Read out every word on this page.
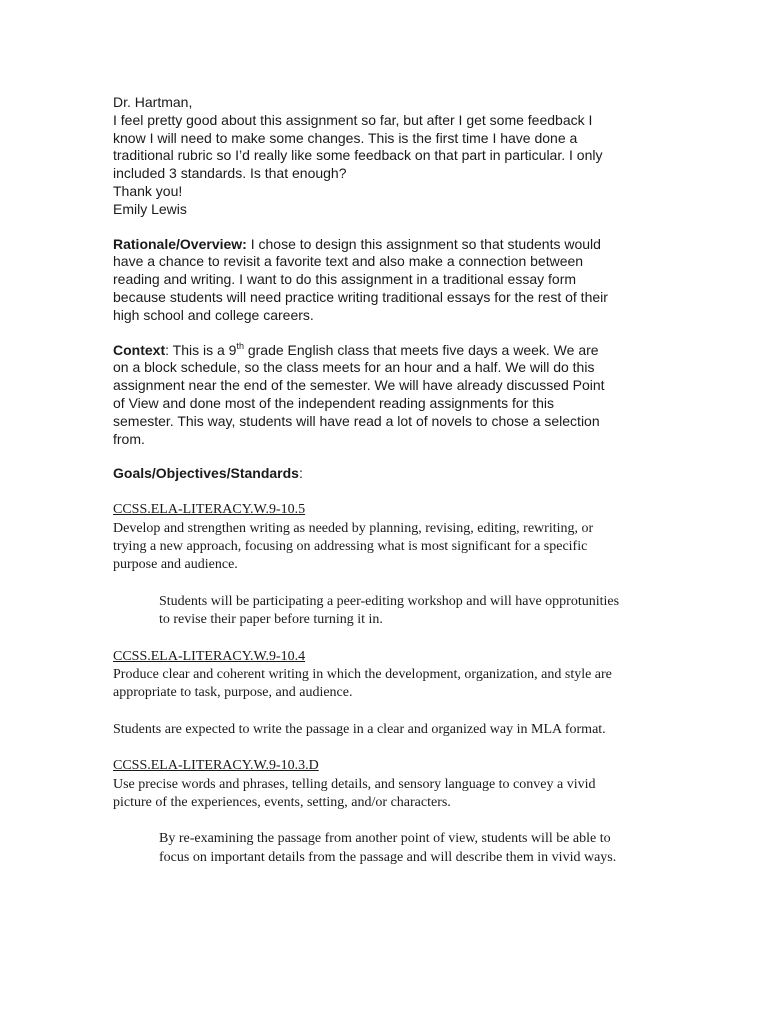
Dr. Hartman,
I feel pretty good about this assignment so far, but after I get some feedback I
know I will need to make some changes. This is the first time I have done a
traditional rubric so I’d really like some feedback on that part in particular. I only
included 3 standards. Is that enough?
Thank you!
Emily Lewis
Rationale/Overview: I chose to design this assignment so that students would
have a chance to revisit a favorite text and also make a connection between
reading and writing. I want to do this assignment in a traditional essay form
because students will need practice writing traditional essays for the rest of their
high school and college careers.
Context: This is a 9th grade English class that meets five days a week. We are
on a block schedule, so the class meets for an hour and a half. We will do this
assignment near the end of the semester. We will have already discussed Point
of View and done most of the independent reading assignments for this
semester. This way, students will have read a lot of novels to chose a selection
from.
Goals/Objectives/Standards:
CCSS.ELA-LITERACY.W.9-10.5
Develop and strengthen writing as needed by planning, revising, editing, rewriting, or
trying a new approach, focusing on addressing what is most significant for a specific
purpose and audience.
Students will be participating a peer-editing workshop and will have opprotunities
to revise their paper before turning it in.
CCSS.ELA-LITERACY.W.9-10.4
Produce clear and coherent writing in which the development, organization, and style are
appropriate to task, purpose, and audience.
Students are expected to write the passage in a clear and organized way in MLA format.
CCSS.ELA-LITERACY.W.9-10.3.D
Use precise words and phrases, telling details, and sensory language to convey a vivid
picture of the experiences, events, setting, and/or characters.
By re-examining the passage from another point of view, students will be able to
focus on important details from the passage and will describe them in vivid ways.
